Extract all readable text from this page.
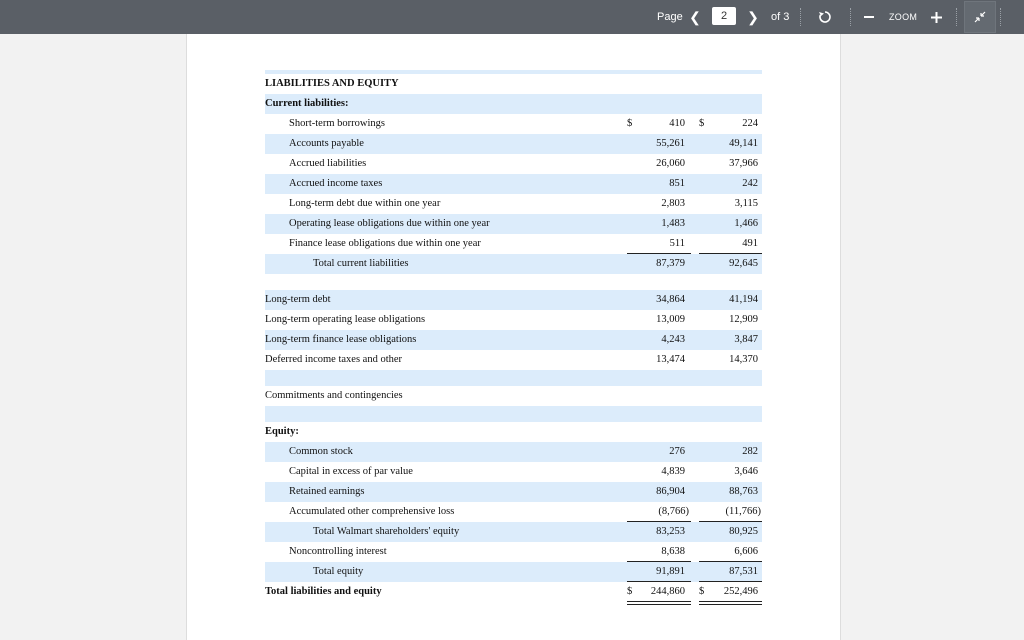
Page ❮	2	❯ of 3	ZOOM
LIABILITIES AND EQUITY
Current liabilities:
Short-term borrowings	$	410 $	224
Accounts payable	55,261	49,141
Accrued liabilities	26,060	37,966
Accrued income taxes	851	242
Long-term debt due within one year	2,803	3,115
Operating lease obligations due within one year	1,483	1,466
Finance lease obligations due within one year	511	491
Total current liabilities	87,379	92,645
Long-term debt	34,864	41,194
Long-term operating lease obligations	13,009	12,909
Long-term finance lease obligations	4,243	3,847
Deferred income taxes and other	13,474	14,370
Commitments and contingencies
Equity:
Common stock	276	282
Capital in excess of par value	4,839	3,646
Retained earnings	86,904	88,763
Accumulated other comprehensive loss	(8,766)	(11,766)
Total Walmart shareholders' equity	83,253	80,925
Noncontrolling interest	8,638	6,606
Total equity	91,891	87,531
Total liabilities and equity	$ 244,860 $ 252,496
